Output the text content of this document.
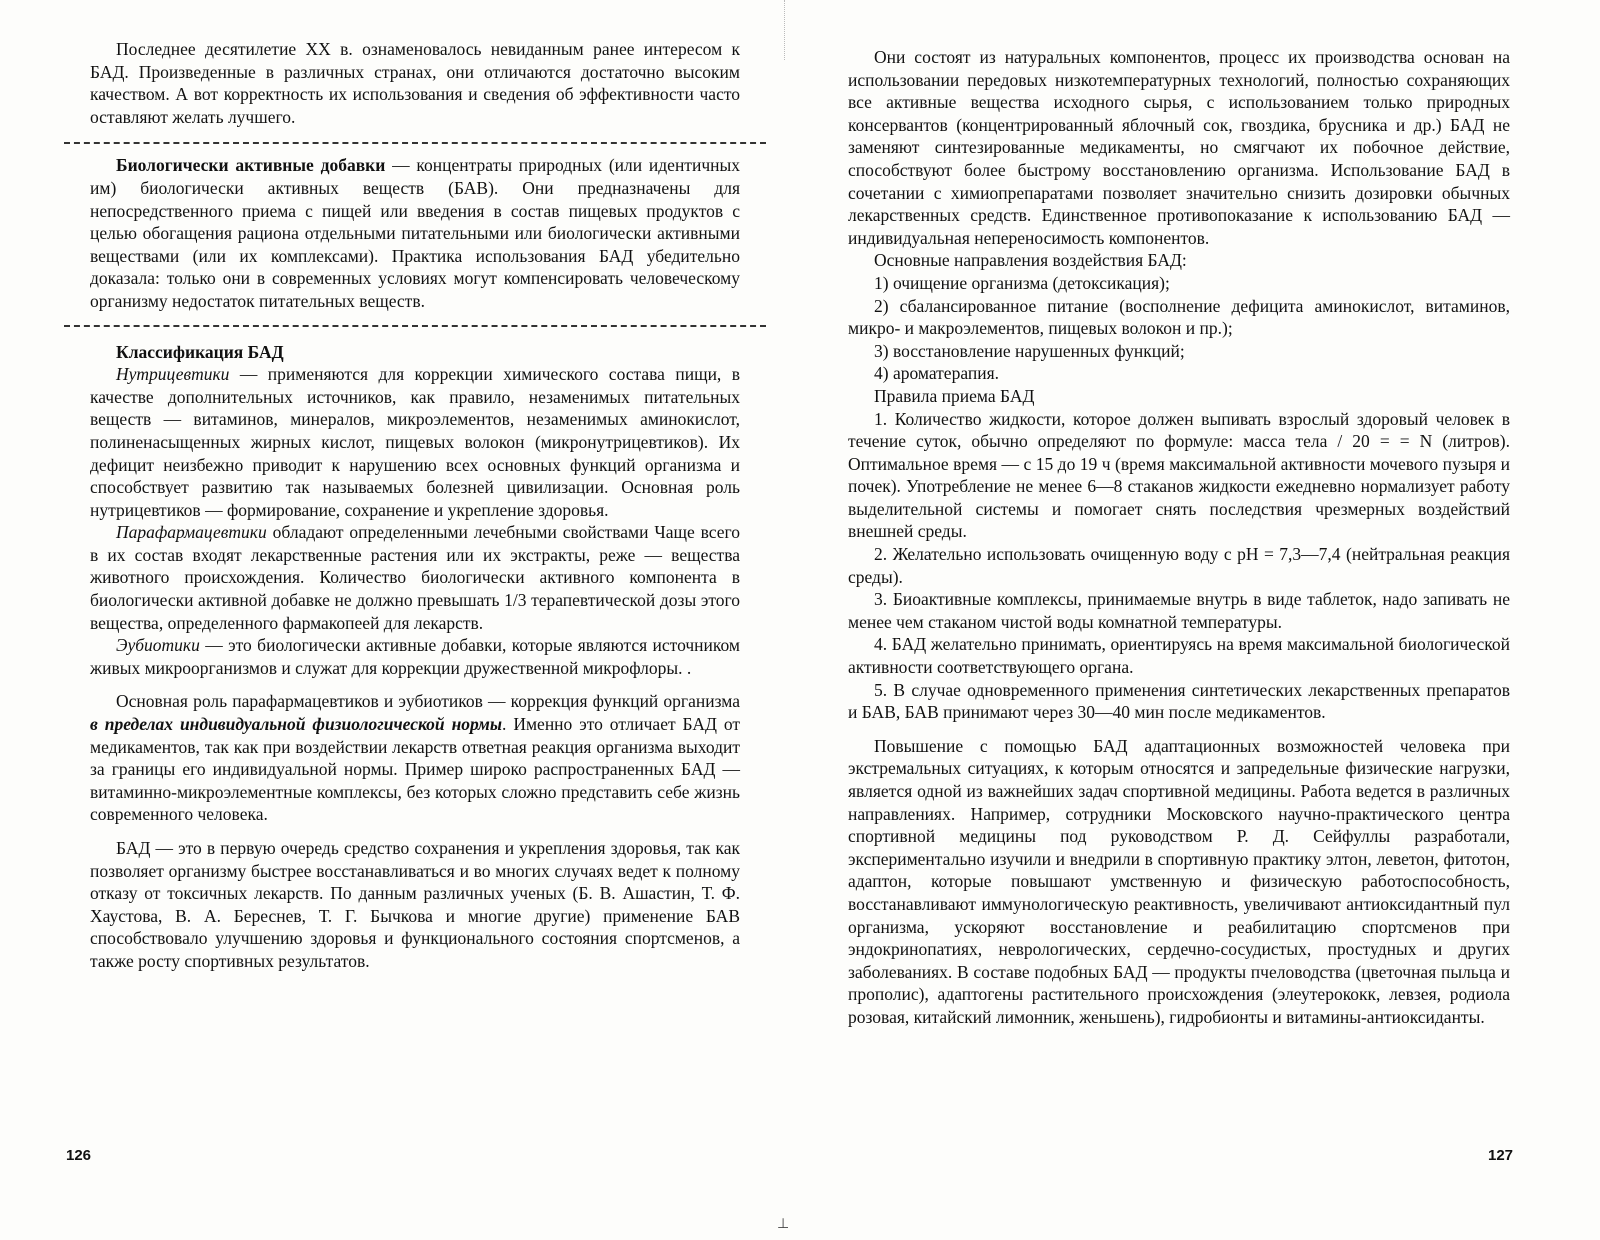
Последнее десятилетие XX в. ознаменовалось невиданным ранее интересом к БАД. Произведенные в различных странах, они отличаются достаточно высоким качеством. А вот корректность их использования и сведения об эффективности часто оставляют желать лучшего.

Биологически активные добавки — концентраты природных (или идентичных им) биологически активных веществ (БАВ). Они предназначены для непосредственного приема с пищей или введения в состав пищевых продуктов с целью обогащения рациона отдельными питательными или биологически активными веществами (или их комплексами). Практика использования БАД убедительно доказала: только они в современных условиях могут компенсировать человеческому организму недостаток питательных веществ.

Классификация БАД

Нутрицевтики — применяются для коррекции химического состава пищи, в качестве дополнительных источников, как правило, незаменимых питательных веществ — витаминов, минералов, микроэлементов, незаменимых аминокислот, полиненасыщенных жирных кислот, пищевых волокон (микронутрицевтиков). Их дефицит неизбежно приводит к нарушению всех основных функций организма и способствует развитию так называемых болезней цивилизации. Основная роль нутрицевтиков — формирование, сохранение и укрепление здоровья.

Парафармацевтики обладают определенными лечебными свойствами Чаще всего в их состав входят лекарственные растения или их экстракты, реже — вещества животного происхождения. Количество биологически активного компонента в биологически активной добавке не должно превышать 1/3 терапевтической дозы этого вещества, определенного фармакопеей для лекарств.

Эубиотики — это биологически активные добавки, которые являются источником живых микроорганизмов и служат для коррекции дружественной микрофлоры. .

Основная роль парафармацевтиков и эубиотиков — коррекция функций организма в пределах индивидуальной физиологической нормы. Именно это отличает БАД от медикаментов, так как при воздействии лекарств ответная реакция организма выходит за границы его индивидуальной нормы. Пример широко распространенных БАД — витаминно-микроэлементные комплексы, без которых сложно представить себе жизнь современного человека.

БАД — это в первую очередь средство сохранения и укрепления здоровья, так как позволяет организму быстрее восстанавливаться и во многих случаях ведет к полному отказу от токсичных лекарств. По данным различных ученых (Б. В. Ашастин, Т. Ф. Хаустова, В. А. Береснев, Т. Г. Бычкова и многие другие) применение БАВ способствовало улучшению здоровья и функционального состояния спортсменов, а также росту спортивных результатов.

126

Они состоят из натуральных компонентов, процесс их производства основан на использовании передовых низкотемпературных технологий, полностью сохраняющих все активные вещества исходного сырья, с использованием только природных консервантов (концентрированный яблочный сок, гвоздика, брусника и др.) БАД не заменяют синтезированные медикаменты, но смягчают их побочное действие, способствуют более быстрому восстановлению организма. Использование БАД в сочетании с химиопрепаратами позволяет значительно снизить дозировки обычных лекарственных средств. Единственное противопоказание к использованию БАД — индивидуальная непереносимость компонентов.

Основные направления воздействия БАД:

1) очищение организма (детоксикация);

2) сбалансированное питание (восполнение дефицита аминокислот, витаминов, микро- и макроэлементов, пищевых волокон и пр.);

3) восстановление нарушенных функций;

4) ароматерапия.

Правила приема БАД

1. Количество жидкости, которое должен выпивать взрослый здоровый человек в течение суток, обычно определяют по формуле: масса тела / 20 = = N (литров). Оптимальное время — с 15 до 19 ч (время максимальной активности мочевого пузыря и почек). Употребление не менее 6—8 стаканов жидкости ежедневно нормализует работу выделительной системы и помогает снять последствия чрезмерных воздействий внешней среды.

2. Желательно использовать очищенную воду с pH = 7,3—7,4 (нейтральная реакция среды).

3. Биоактивные комплексы, принимаемые внутрь в виде таблеток, надо запивать не менее чем стаканом чистой воды комнатной температуры.

4. БАД желательно принимать, ориентируясь на время максимальной биологической активности соответствующего органа.

5. В случае одновременного применения синтетических лекарственных препаратов и БАВ, БАВ принимают через 30—40 мин после медикаментов.

Повышение с помощью БАД адаптационных возможностей человека при экстремальных ситуациях, к которым относятся и запредельные физические нагрузки, является одной из важнейших задач спортивной медицины. Работа ведется в различных направлениях. Например, сотрудники Московского научно-практического центра спортивной медицины под руководством Р. Д. Сейфуллы разработали, экспериментально изучили и внедрили в спортивную практику элтон, леветон, фитотон, адаптон, которые повышают умственную и физическую работоспособность, восстанавливают иммунологическую реактивность, увеличивают антиоксидантный пул организма, ускоряют восстановление и реабилитацию спортсменов при эндокринопатиях, неврологических, сердечно-сосудистых, простудных и других заболеваниях. В составе подобных БАД — продукты пчеловодства (цветочная пыльца и прополис), адаптогены растительного происхождения (элеутерококк, левзея, родиола розовая, китайский лимонник, женьшень), гидробионты и витамины-антиоксиданты.

127
⊥
